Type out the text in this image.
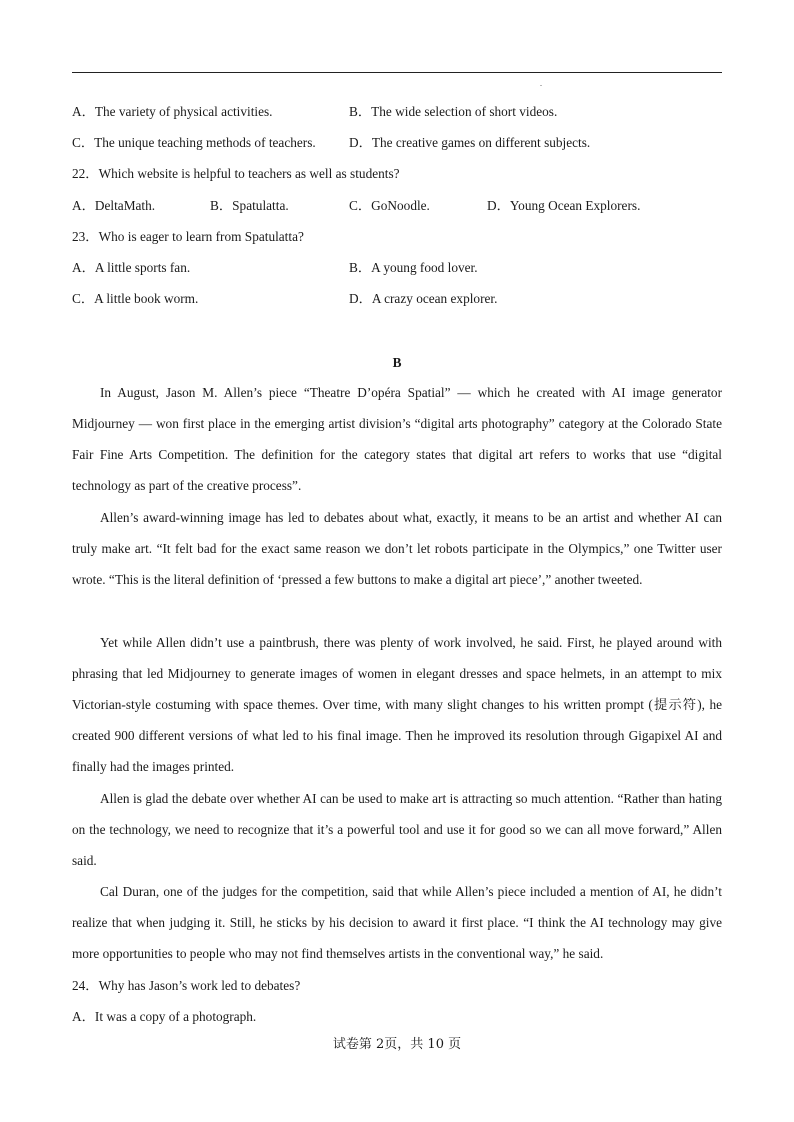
.
A．The variety of physical activities.	B．The wide selection of short videos.
C．The unique teaching methods of teachers.	D．The creative games on different subjects.
22．Which website is helpful to teachers as well as students?
A．DeltaMath.	B．Spatulatta.	C．GoNoodle.	D．Young Ocean Explorers.
23．Who is eager to learn from Spatulatta?
A．A little sports fan.	B．A young food lover.
C．A little book worm.	D．A crazy ocean explorer.
B
In August, Jason M. Allen’s piece “Theatre D’opéra Spatial” — which he created with AI image generator Midjourney — won first place in the emerging artist division’s “digital arts photography” category at the Colorado State Fair Fine Arts Competition. The definition for the category states that digital art refers to works that use “digital technology as part of the creative process”.
Allen’s award-winning image has led to debates about what, exactly, it means to be an artist and whether AI can truly make art. “It felt bad for the exact same reason we don’t let robots participate in the Olympics,” one Twitter user wrote. “This is the literal definition of ‘pressed a few buttons to make a digital art piece’,” another tweeted.
Yet while Allen didn’t use a paintbrush, there was plenty of work involved, he said. First, he played around with phrasing that led Midjourney to generate images of women in elegant dresses and space helmets, in an attempt to mix Victorian-style costuming with space themes. Over time, with many slight changes to his written prompt (提示符), he created 900 different versions of what led to his final image. Then he improved its resolution through Gigapixel AI and finally had the images printed.
Allen is glad the debate over whether AI can be used to make art is attracting so much attention. “Rather than hating on the technology, we need to recognize that it’s a powerful tool and use it for good so we can all move forward,” Allen said.
Cal Duran, one of the judges for the competition, said that while Allen’s piece included a mention of AI, he didn’t realize that when judging it. Still, he sticks by his decision to award it first place. “I think the AI technology may give more opportunities to people who may not find themselves artists in the conventional way,” he said.
24．Why has Jason’s work led to debates?
A．It was a copy of a photograph.
试卷第 2页，共 10 页
